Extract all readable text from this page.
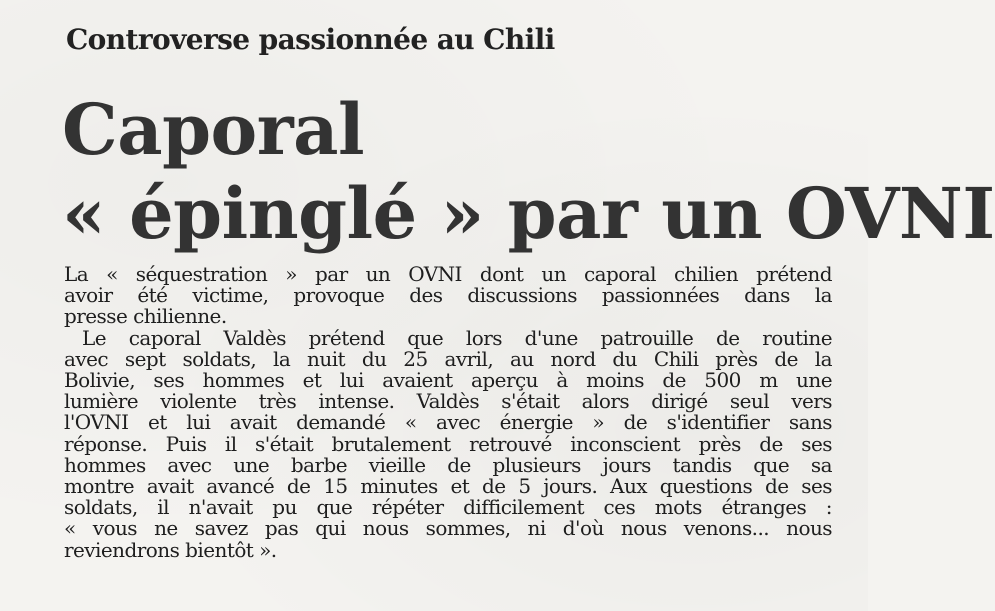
Controverse passionnée au Chili
Caporal
« épinglé » par un OVNI
La « séquestration » par un OVNI dont un caporal chilien prétend
avoir été victime, provoque des discussions passionnées dans la
presse chilienne.
Le caporal Valdès prétend que lors d'une patrouille de routine
avec sept soldats, la nuit du 25 avril, au nord du Chili près de la
Bolivie, ses hommes et lui avaient aperçu à moins de 500 m une
lumière violente très intense. Valdès s'était alors dirigé seul vers
l'OVNI et lui avait demandé « avec énergie » de s'identifier sans
réponse. Puis il s'était brutalement retrouvé inconscient près de ses
hommes avec une barbe vieille de plusieurs jours tandis que sa
montre avait avancé de 15 minutes et de 5 jours. Aux questions de ses
soldats, il n'avait pu que répéter difficilement ces mots étranges :
« vous ne savez pas qui nous sommes, ni d'où nous venons... nous
reviendrons bientôt ».
